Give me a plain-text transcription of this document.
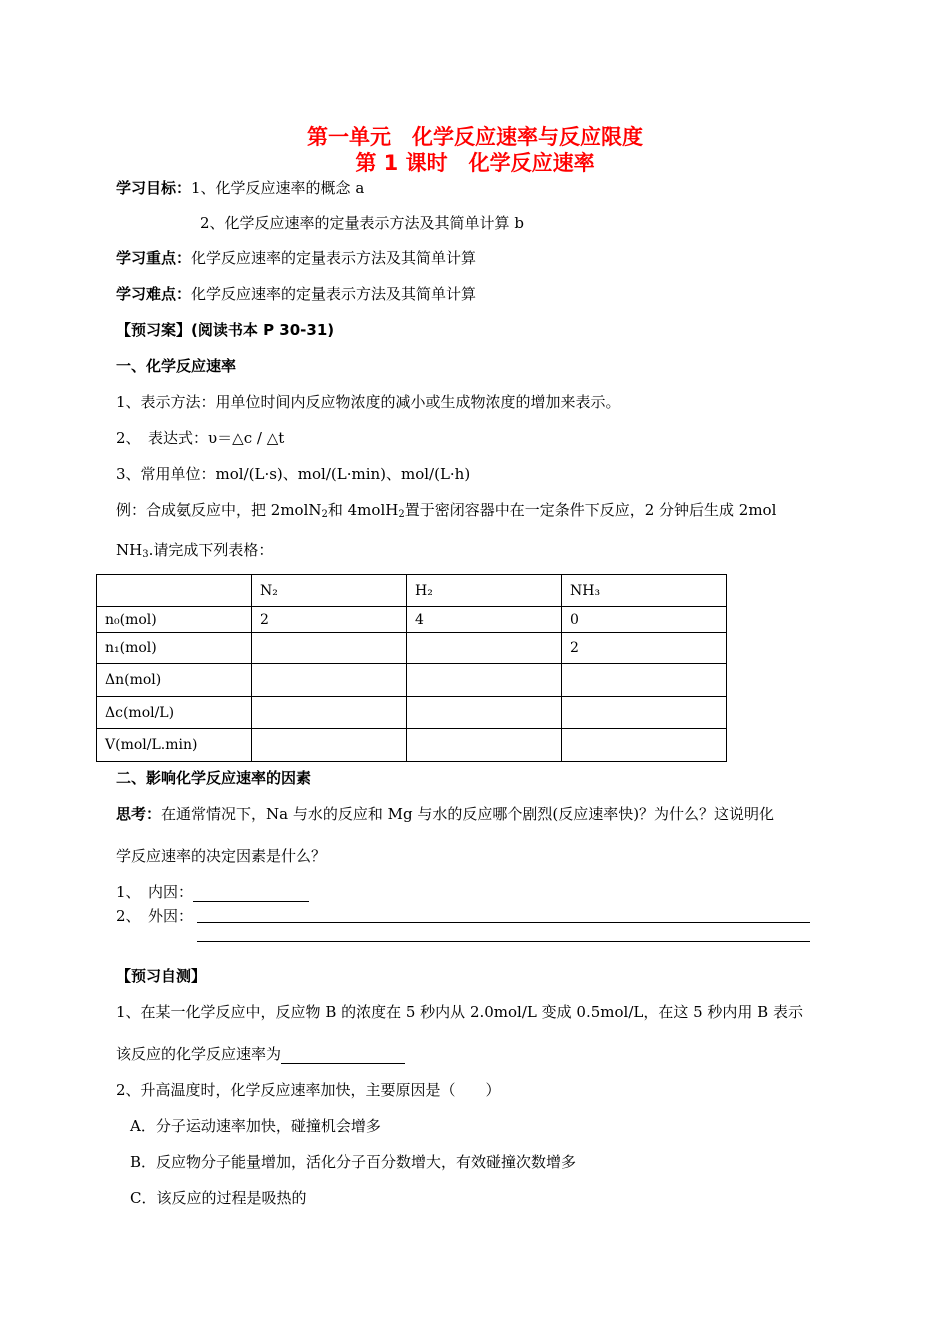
第一单元　化学反应速率与反应限度
第 1 课时　化学反应速率
学习目标：1、化学反应速率的概念 a
2、化学反应速率的定量表示方法及其简单计算 b
学习重点：化学反应速率的定量表示方法及其简单计算
学习难点：化学反应速率的定量表示方法及其简单计算
【预习案】(阅读书本 P 30-31)
一、化学反应速率
1、表示方法：用单位时间内反应物浓度的减小或生成物浓度的增加来表示。
2、　表达式：υ＝△c / △t
3、常用单位：mol/(L·s)、mol/(L·min)、mol/(L·h)
例：合成氨反应中，把 2molN$_2$和 4molH$_2$置于密闭容器中在一定条件下反应，2 分钟后生成 2mol
$NH_3$.请完成下列表格：
	N₂	H₂	NH₃
n₀(mol)	2	4	0
n₁(mol)			2
Δn(mol)			
Δc(mol/L)			
V(mol/L.min)			
二、影响化学反应速率的因素
思考：在通常情况下，Na 与水的反应和 Mg 与水的反应哪个剧烈(反应速率快)？为什么？这说明化
学反应速率的决定因素是什么？
1、　内因：
2、　外因：
【预习自测】
1、在某一化学反应中，反应物 B 的浓度在 5 秒内从 2.0mol/L 变成 0.5mol/L，在这 5 秒内用 B 表示
该反应的化学反应速率为
2、升高温度时，化学反应速率加快，主要原因是（　　）
A．分子运动速率加快，碰撞机会增多
B．反应物分子能量增加，活化分子百分数增大，有效碰撞次数增多
C．该反应的过程是吸热的
